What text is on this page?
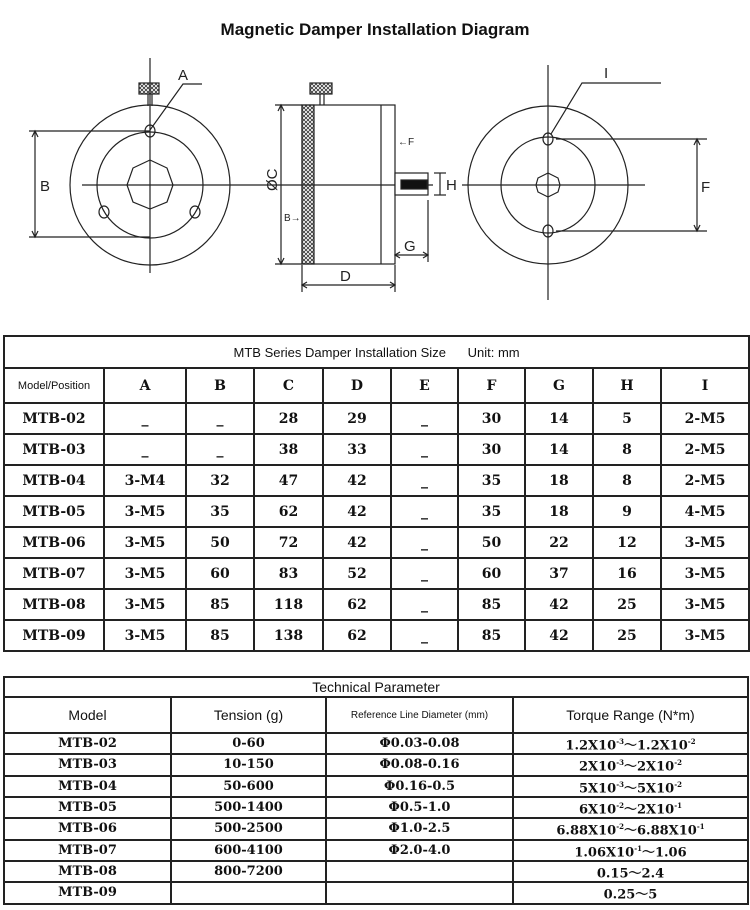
Magnetic Damper Installation Diagram
B
A
ØC
←F
B→
H
G
D
F
I
MTB Series Damper Installation Size Unit: mm									
Model/Position	A	B	C	D	E	F	G	H	I
MTB-02	_	_	28	29	_	30	14	5	2-M5
MTB-03	_	_	38	33	_	30	14	8	2-M5
MTB-04	3-M4	32	47	42	_	35	18	8	2-M5
MTB-05	3-M5	35	62	42	_	35	18	9	4-M5
MTB-06	3-M5	50	72	42	_	50	22	12	3-M5
MTB-07	3-M5	60	83	52	_	60	37	16	3-M5
MTB-08	3-M5	85	118	62	_	85	42	25	3-M5
MTB-09	3-M5	85	138	62	_	85	42	25	3-M5
Technical Parameter			
Model	Tension (g)	Reference Line Diameter (mm)	Torque Range (N*m)
MTB-02	0-60	Φ0.03-0.08	$1.2X10^{-3}\sim 1.2X10^{-2}$
MTB-03	10-150	Φ0.08-0.16	$2X10^{-3}\sim 2X10^{-2}$
MTB-04	50-600	Φ0.16-0.5	$5X10^{-3}\sim 5X10^{-2}$
MTB-05	500-1400	Φ0.5-1.0	$6X10^{-2}\sim 2X10^{-1}$
MTB-06	500-2500	Φ1.0-2.5	$6.88X10^{-2}\sim 6.88X10^{-1}$
MTB-07	600-4100	Φ2.0-4.0	$1.06X10^{-1}\sim 1.06$
MTB-08	800-7200		0.15～2.4
MTB-09			0.25～5
